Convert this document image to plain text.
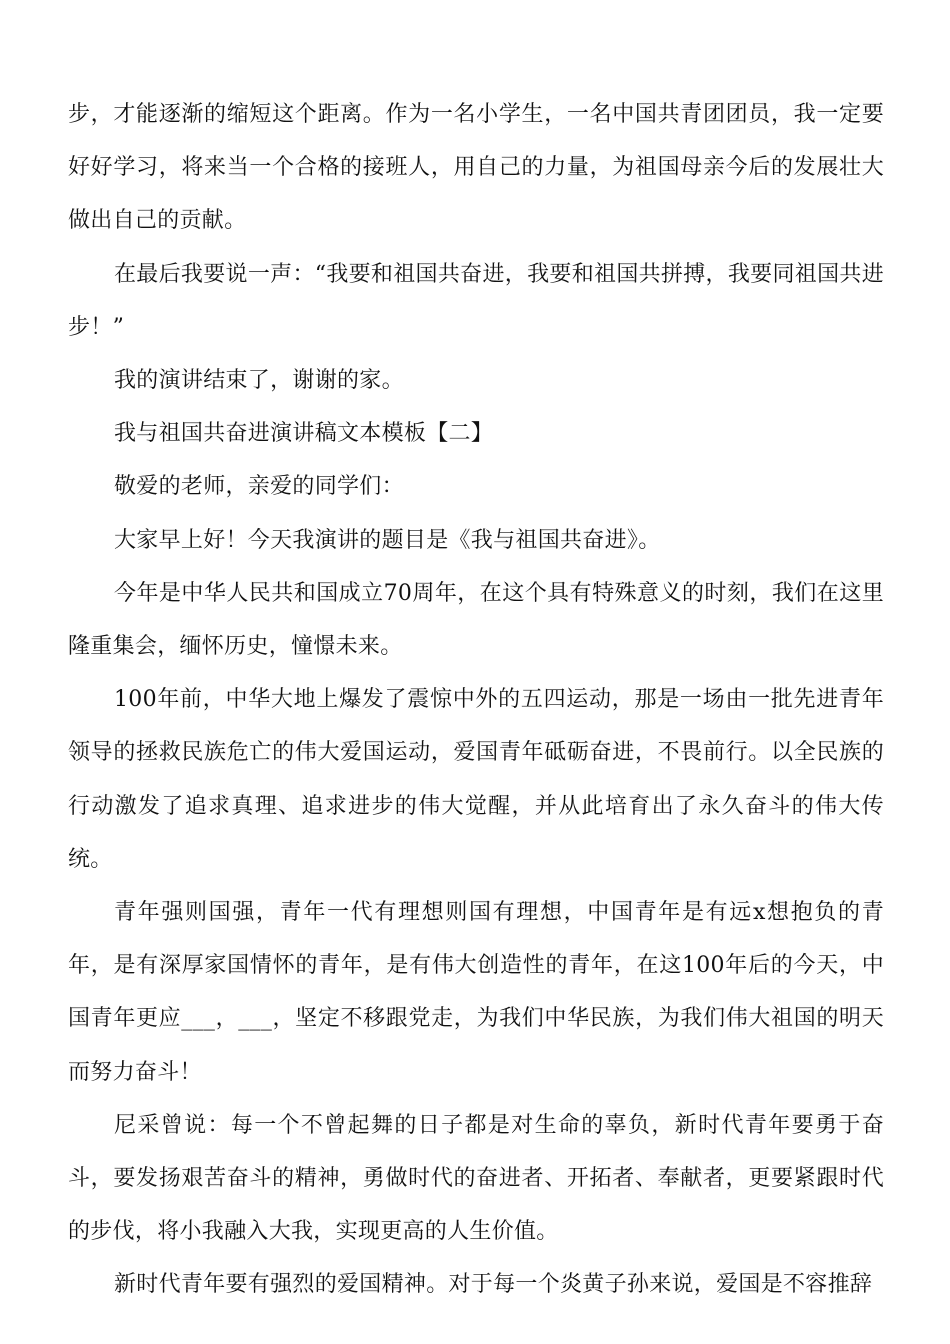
步，才能逐渐的缩短这个距离。作为一名小学生，一名中国共青团团员，我一定要好好学习，将来当一个合格的接班人，用自己的力量，为祖国母亲今后的发展壮大做出自己的贡献。

在最后我要说一声：“我要和祖国共奋进，我要和祖国共拼搏，我要同祖国共进步！”

我的演讲结束了，谢谢的家。

我与祖国共奋进演讲稿文本模板【二】

敬爱的老师，亲爱的同学们：

大家早上好！今天我演讲的题目是《我与祖国共奋进》。

今年是中华人民共和国成立70周年，在这个具有特殊意义的时刻，我们在这里隆重集会，缅怀历史，憧憬未来。

100年前，中华大地上爆发了震惊中外的五四运动，那是一场由一批先进青年领导的拯救民族危亡的伟大爱国运动，爱国青年砥砺奋进，不畏前行。以全民族的行动激发了追求真理、追求进步的伟大觉醒，并从此培育出了永久奋斗的伟大传统。

青年强则国强，青年一代有理想则国有理想，中国青年是有远x想抱负的青年，是有深厚家国情怀的青年，是有伟大创造性的青年，在这100年后的今天，中国青年更应___，___，坚定不移跟党走，为我们中华民族，为我们伟大祖国的明天而努力奋斗！

尼采曾说：每一个不曾起舞的日子都是对生命的辜负，新时代青年要勇于奋斗，要发扬艰苦奋斗的精神，勇做时代的奋进者、开拓者、奉献者，更要紧跟时代的步伐，将小我融入大我，实现更高的人生价值。

新时代青年要有强烈的爱国精神。对于每一个炎黄子孙来说，爱国是不容推辞
